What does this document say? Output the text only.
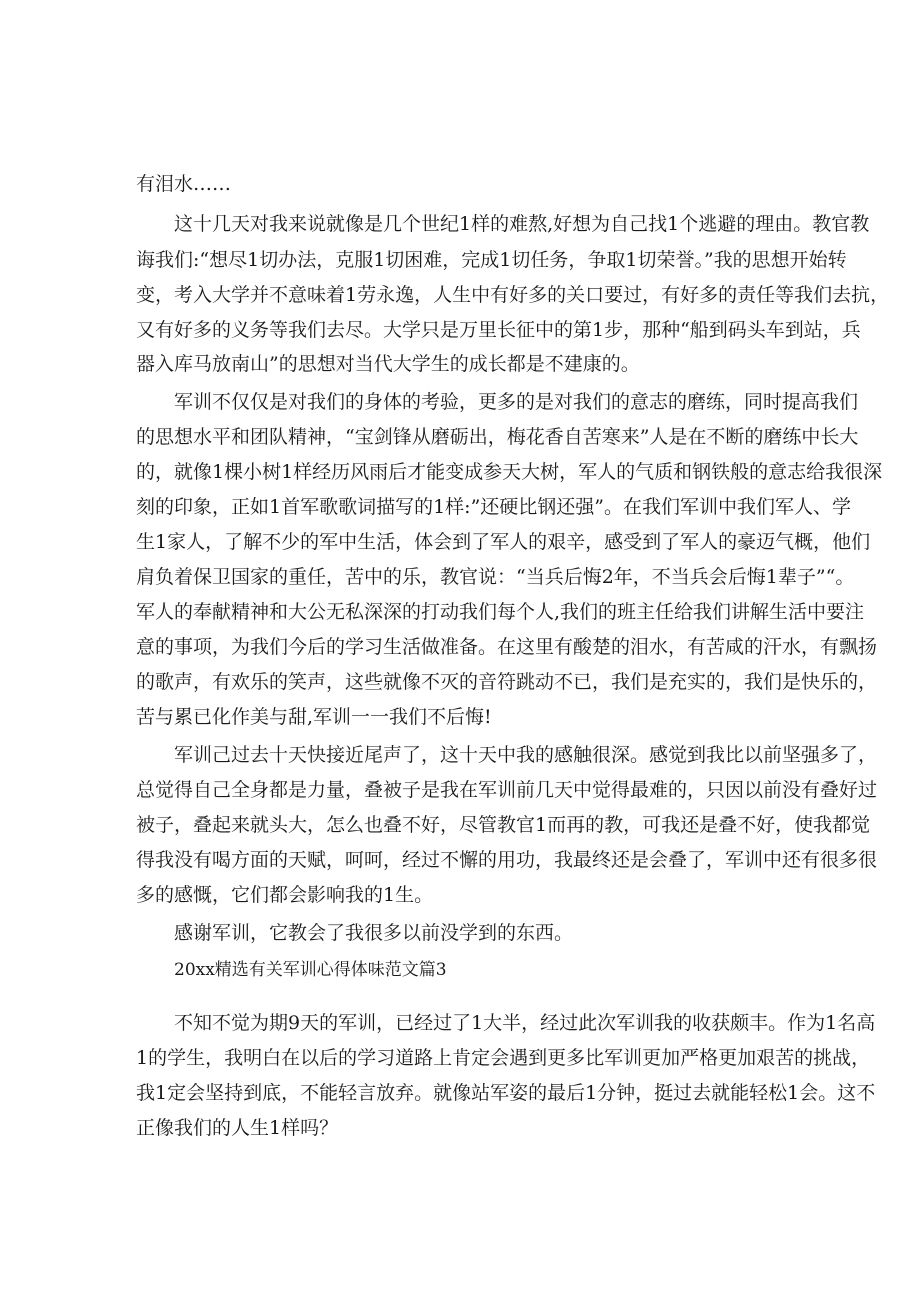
有泪水……
这十几天对我来说就像是几个世纪1样的难熬,好想为自己找1个逃避的理由。教官教
诲我们:“想尽1切办法，克服1切困难，完成1切任务，争取1切荣誉。”我的思想开始转
变，考入大学并不意味着1劳永逸，人生中有好多的关口要过，有好多的责任等我们去抗，
又有好多的义务等我们去尽。大学只是万里长征中的第1步，那种“船到码头车到站，兵
器入库马放南山”的思想对当代大学生的成长都是不建康的。
军训不仅仅是对我们的身体的考验，更多的是对我们的意志的磨练，同时提高我们
的思想水平和团队精神，“宝剑锋从磨砺出，梅花香自苦寒来”人是在不断的磨练中长大
的，就像1棵小树1样经历风雨后才能变成参天大树，军人的气质和钢铁般的意志给我很深
刻的印象，正如1首军歌歌词描写的1样:”还硬比钢还强”。在我们军训中我们军人、学
生1家人，了解不少的军中生活，体会到了军人的艰辛，感受到了军人的豪迈气概，他们
肩负着保卫国家的重任，苦中的乐，教官说：“当兵后悔2年，不当兵会后悔1辈子”“。
军人的奉献精神和大公无私深深的打动我们每个人,我们的班主任给我们讲解生活中要注
意的事项，为我们今后的学习生活做准备。在这里有酸楚的泪水，有苦咸的汗水，有飘扬
的歌声，有欢乐的笑声，这些就像不灭的音符跳动不已，我们是充实的，我们是快乐的，
苦与累已化作美与甜,军训一一我们不后悔!
军训己过去十天快接近尾声了，这十天中我的感触很深。感觉到我比以前坚强多了，
总觉得自己全身都是力量，叠被子是我在军训前几天中觉得最难的，只因以前没有叠好过
被子，叠起来就头大，怎么也叠不好，尽管教官1而再的教，可我还是叠不好，使我都觉
得我没有喝方面的天赋，呵呵，经过不懈的用功，我最终还是会叠了，军训中还有很多很
多的感慨，它们都会影响我的1生。
感谢军训，它教会了我很多以前没学到的东西。
20xx精选有关军训心得体味范文篇3
不知不觉为期9天的军训，已经过了1大半，经过此次军训我的收获颇丰。作为1名高
1的学生，我明白在以后的学习道路上肯定会遇到更多比军训更加严格更加艰苦的挑战，
我1定会坚持到底，不能轻言放弃。就像站军姿的最后1分钟，挺过去就能轻松1会。这不
正像我们的人生1样吗？
